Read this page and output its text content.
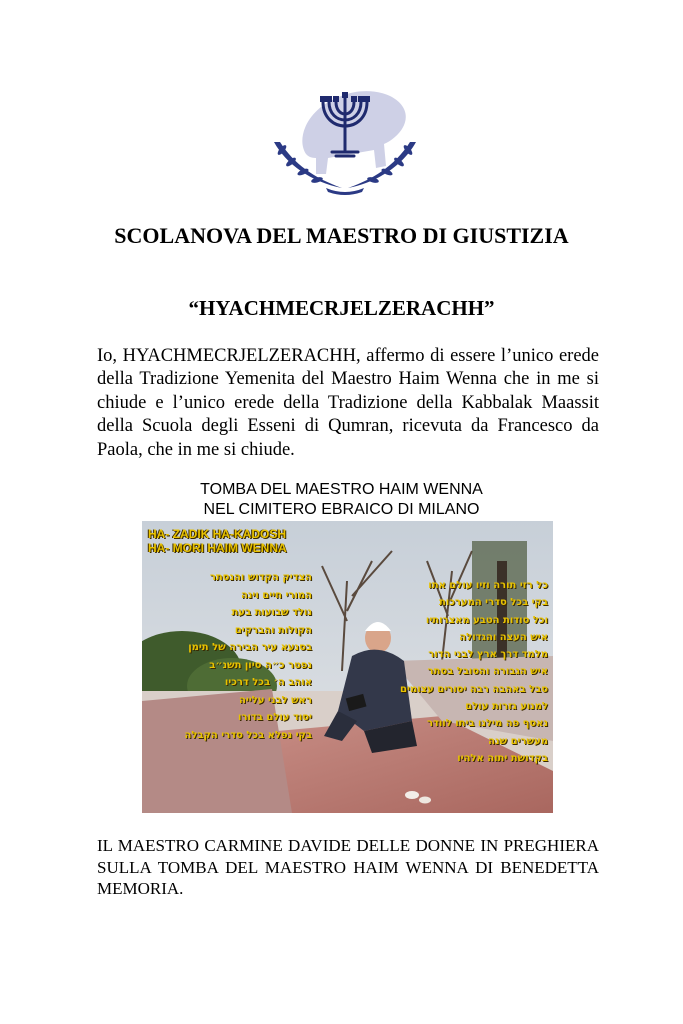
SCOLANOVA DEL MAESTRO DI GIUSTIZIA
“HYACHMECRJELZERACHH”

Io, HYACHMECRJELZERACHH, affermo di essere l’unico erede della Tradizione Yemenita del Maestro Haim Wenna che in me si chiude e l’unico erede della Tradizione della Kabbalak Maassit della Scuola degli Esseni di Qumran, ricevuta da Francesco da Paola, che in me si chiude.

TOMBA DEL MAESTRO HAIM WENNA
NEL CIMITERO EBRAICO DI MILANO
HA- ZADIK HA-KADOSH
HA- MORI HAIM WENNA
הצדיק הקדוש והנסתר
המורי חיים וינה
נולד שבועות בעת
הקולות והברקים
בסנעא עיר הבירה של תימן
נפטר כ״ה סיון תשנ״ב
אוהב ה׳ בכל דרכיו
ראש לבני עלייה
יסוד עולם בדורו
בקי נפלא בכל סדרי הקבלה
כל רזי תורה וזיו עולם אתו
בקי בכל סדרי המערכות
וכל סודות הטבע מאצרותיו
איש העצה והגדולה
מלמד דרך ארץ לבני הדור
איש הגבורה והסובל בסתר
סבל באהבה רבה יסורים עצומים
למנוע גזרות עולם
נאסף פה מילנו ביתו לוודר
מעשרים שנה
בקדושת יתוה אלהיו

IL MAESTRO CARMINE DAVIDE DELLE DONNE IN PREGHIERA SULLA TOMBA DEL MAESTRO HAIM WENNA DI BENEDETTA MEMORIA.
